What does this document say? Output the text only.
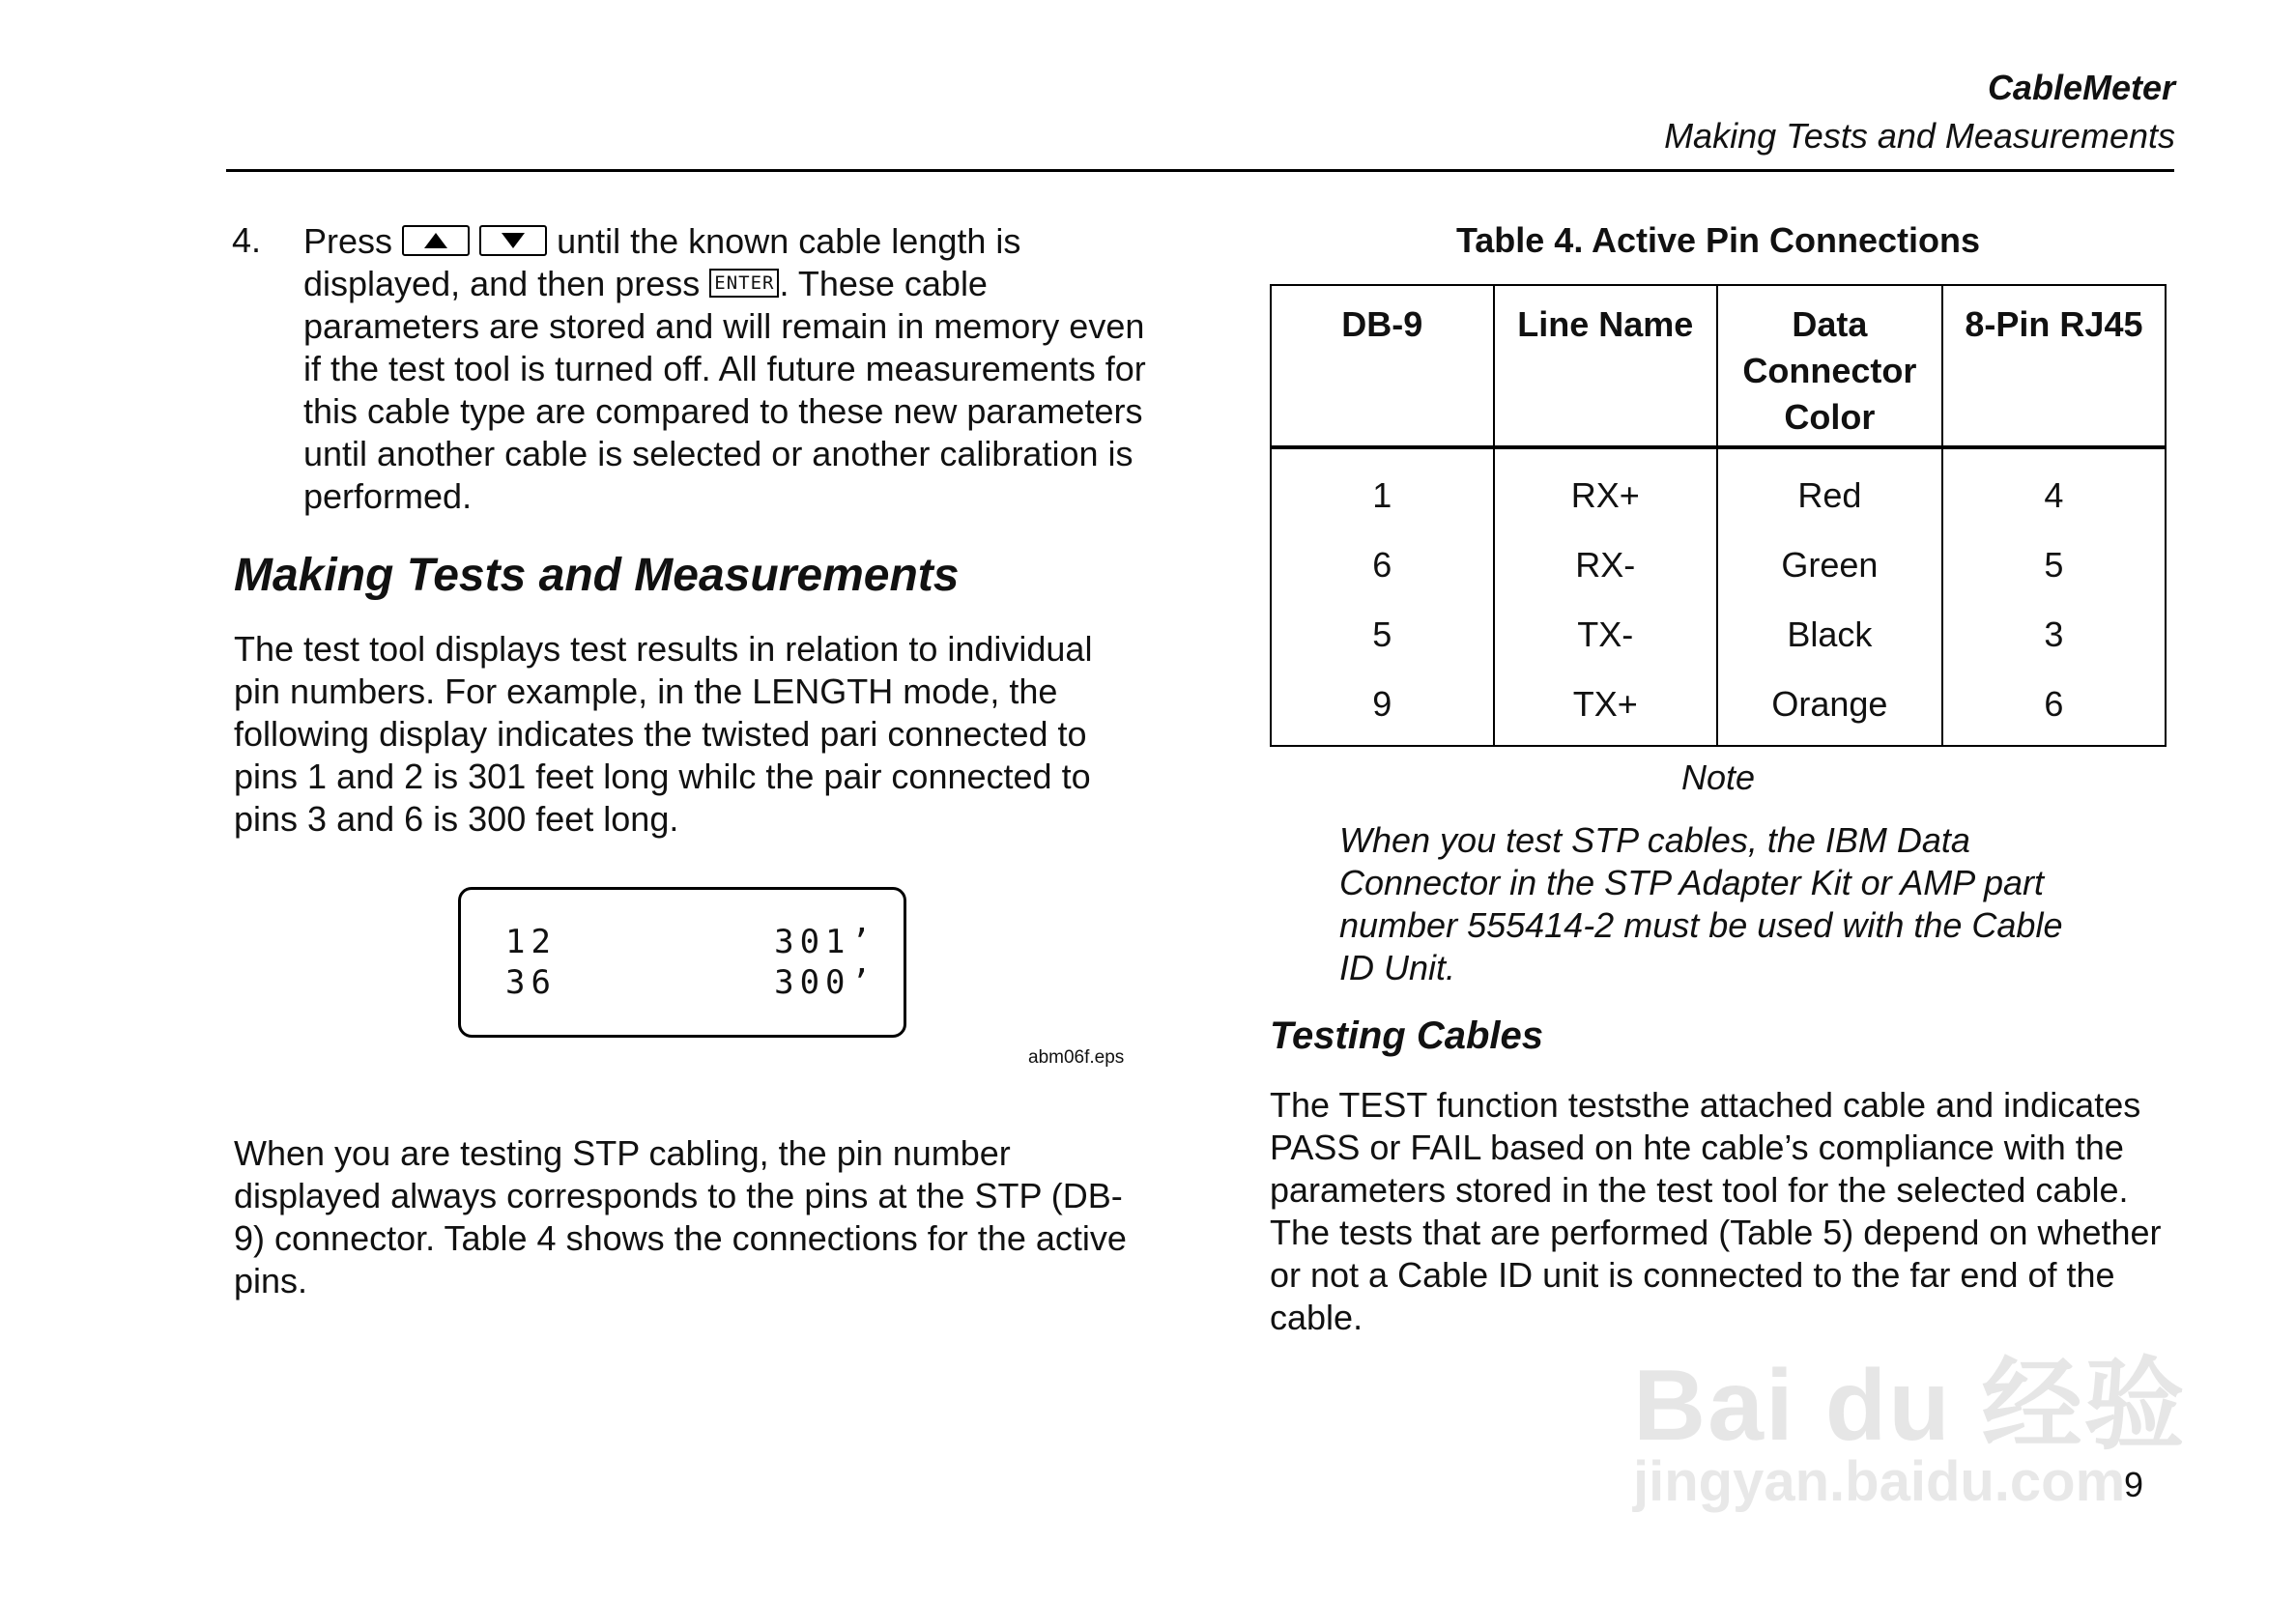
CableMeter
Making Tests and Measurements
4. Press
	until the known cable length is displayed, and then press ENTER . These cable parameters are stored and will remain in memory even if the test tool is turned off. All future measurements for this cable type are compared to these new parameters until another cable is selected or another calibration is performed.
Making Tests and Measurements
The test tool displays test results in relation to individual pin numbers. For example, in the LENGTH mode, the following display indicates the twisted pari connected to pins 1 and 2 is 301 feet long whilc the pair connected to pins 3 and 6 is 300 feet long.
12	301’
36	300’
abm06f.eps
When you are testing STP cabling, the pin number displayed always corresponds to the pins at the STP (DB-9) connector. Table 4 shows the connections for the active pins.
Table 4. Active Pin Connections
DB-9	Line Name	Data Connector Color	8-Pin RJ45
1	RX+	Red	4
6	RX-	Green	5
5	TX-	Black	3
9	TX+	Orange	6
Note
When you test STP cables, the IBM Data Connector in the STP Adapter Kit or AMP part number 555414-2 must be used with the Cable ID Unit.
Testing Cables
The TEST function teststhe attached cable and indicates PASS or FAIL based on hte cable’s compliance with the parameters stored in the test tool for the selected cable. The tests that are performed (Table 5) depend on whether or not a Cable ID unit is connected to the far end of the cable.
Bai du 经验
jingyan.baidu.com
9
